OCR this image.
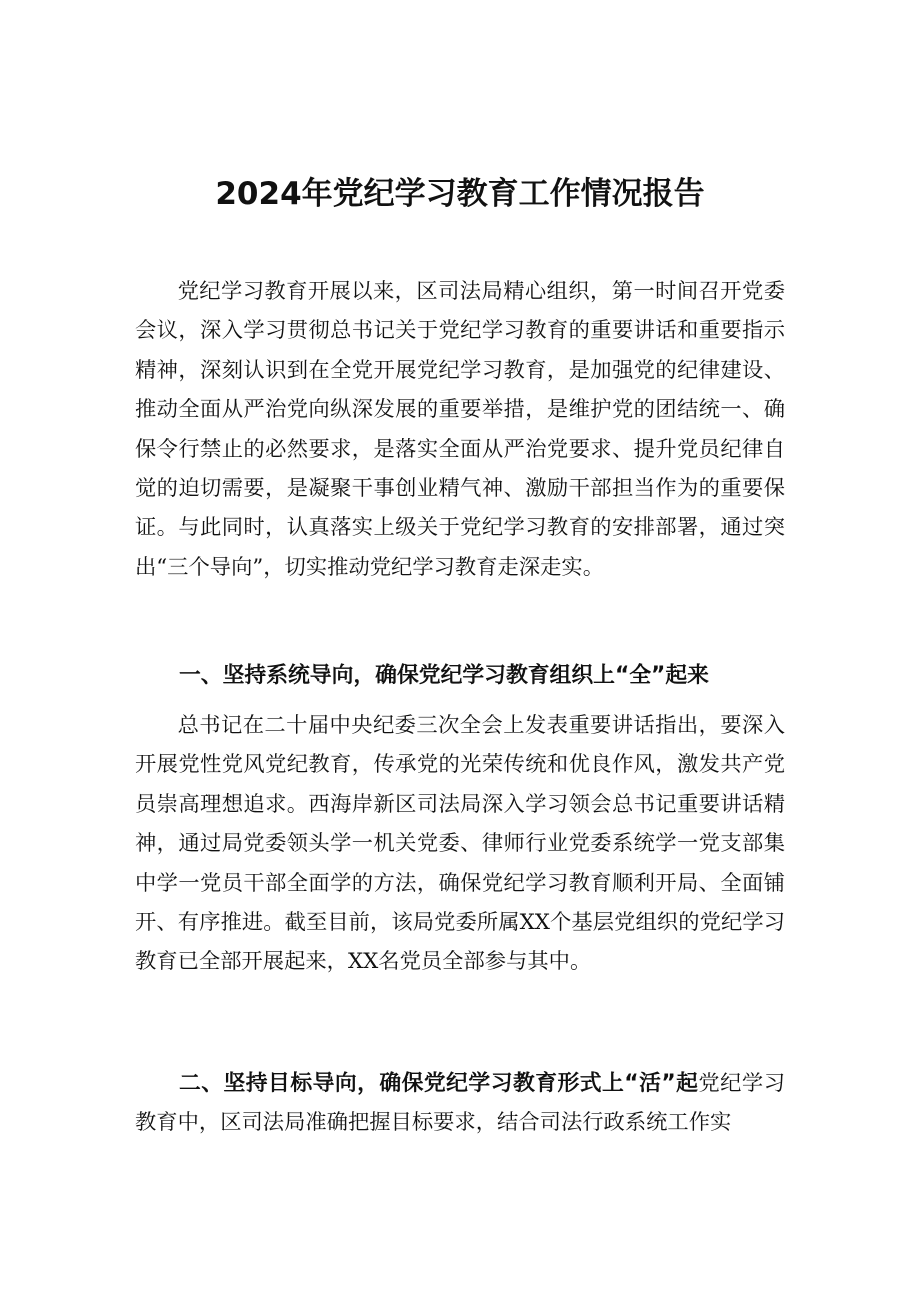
2024年党纪学习教育工作情况报告

党纪学习教育开展以来，区司法局精心组织，第一时间召开党委会议，深入学习贯彻总书记关于党纪学习教育的重要讲话和重要指示精神，深刻认识到在全党开展党纪学习教育，是加强党的纪律建设、推动全面从严治党向纵深发展的重要举措，是维护党的团结统一、确保令行禁止的必然要求，是落实全面从严治党要求、提升党员纪律自觉的迫切需要，是凝聚干事创业精气神、激励干部担当作为的重要保证。与此同时，认真落实上级关于党纪学习教育的安排部署，通过突出“三个导向”，切实推动党纪学习教育走深走实。

一、坚持系统导向，确保党纪学习教育组织上“全”起来

总书记在二十届中央纪委三次全会上发表重要讲话指出，要深入开展党性党风党纪教育，传承党的光荣传统和优良作风，激发共产党员崇高理想追求。西海岸新区司法局深入学习领会总书记重要讲话精神，通过局党委领头学一机关党委、律师行业党委系统学一党支部集中学一党员干部全面学的方法，确保党纪学习教育顺利开局、全面铺开、有序推进。截至目前，该局党委所属XX个基层党组织的党纪学习教育已全部开展起来，XX名党员全部参与其中。

二、坚持目标导向，确保党纪学习教育形式上“活”起党纪学习教育中，区司法局准确把握目标要求，结合司法行政系统工作实
